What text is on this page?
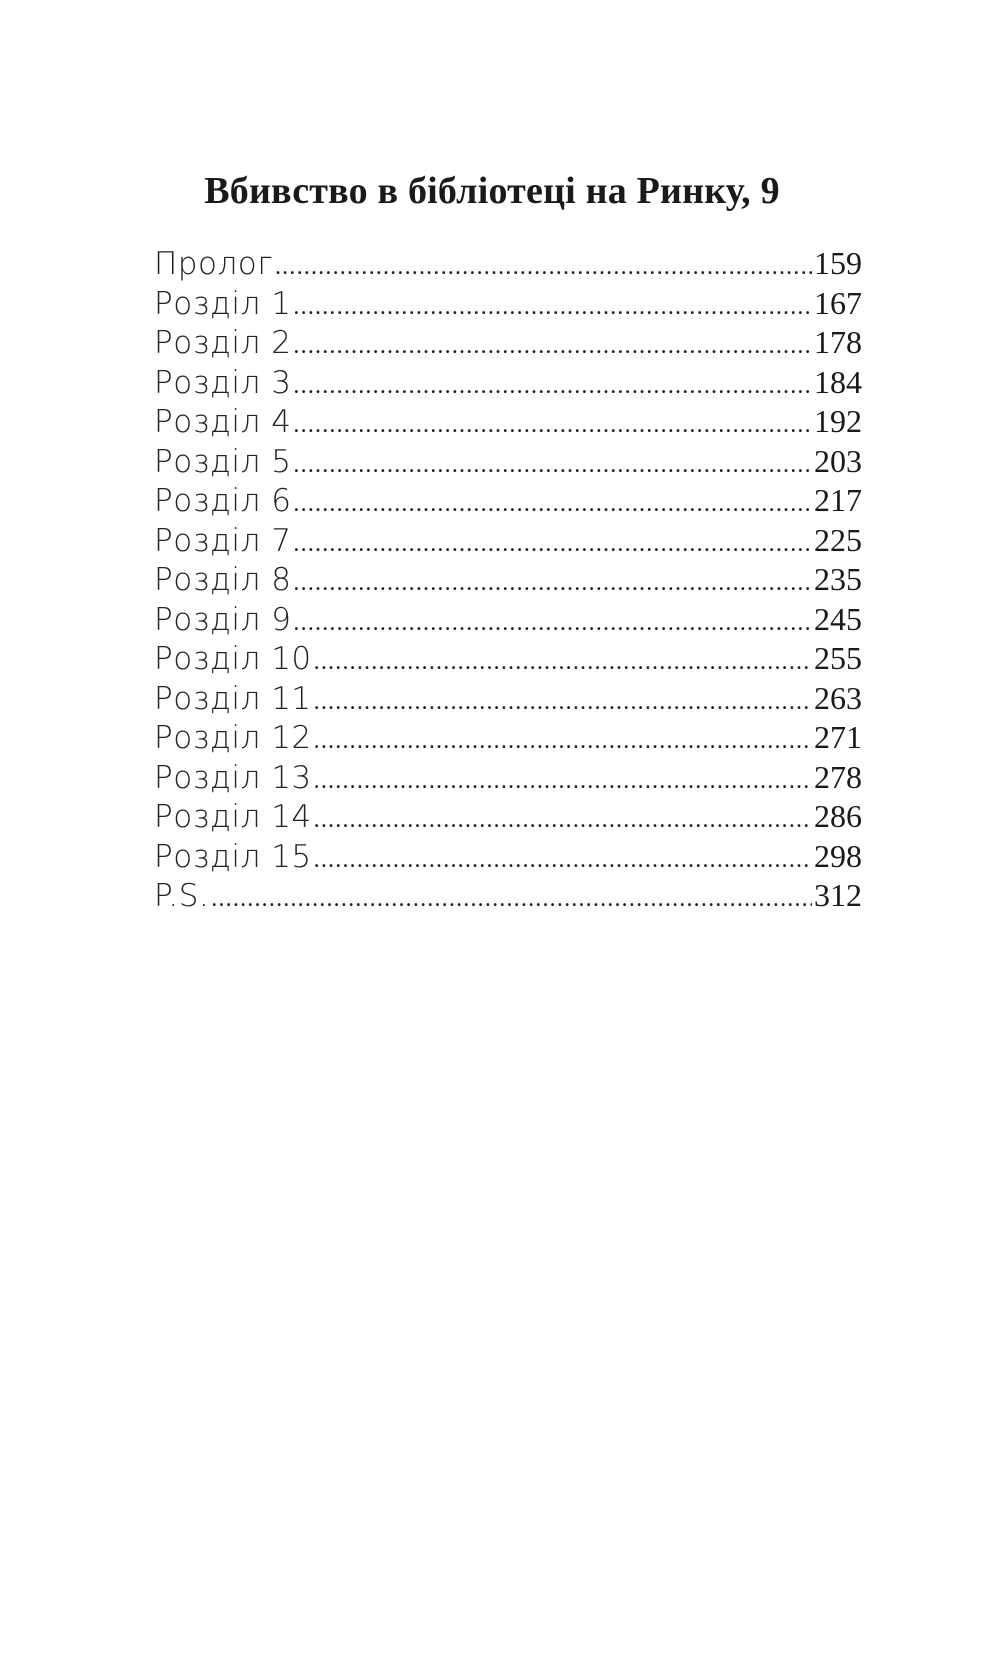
Вбивство в бібліотеці на Ринку, 9
Пролог .....	159
Розділ 1 .....	167
Розділ 2 .....	178
Розділ 3 .....	184
Розділ 4 .....	192
Розділ 5 .....	203
Розділ 6 .....	217
Розділ 7 .....	225
Розділ 8 .....	235
Розділ 9 .....	245
Розділ 10 .....	255
Розділ 11 .....	263
Розділ 12 .....	271
Розділ 13 .....	278
Розділ 14 .....	286
Розділ 15 .....	298
P.S. .....	312
